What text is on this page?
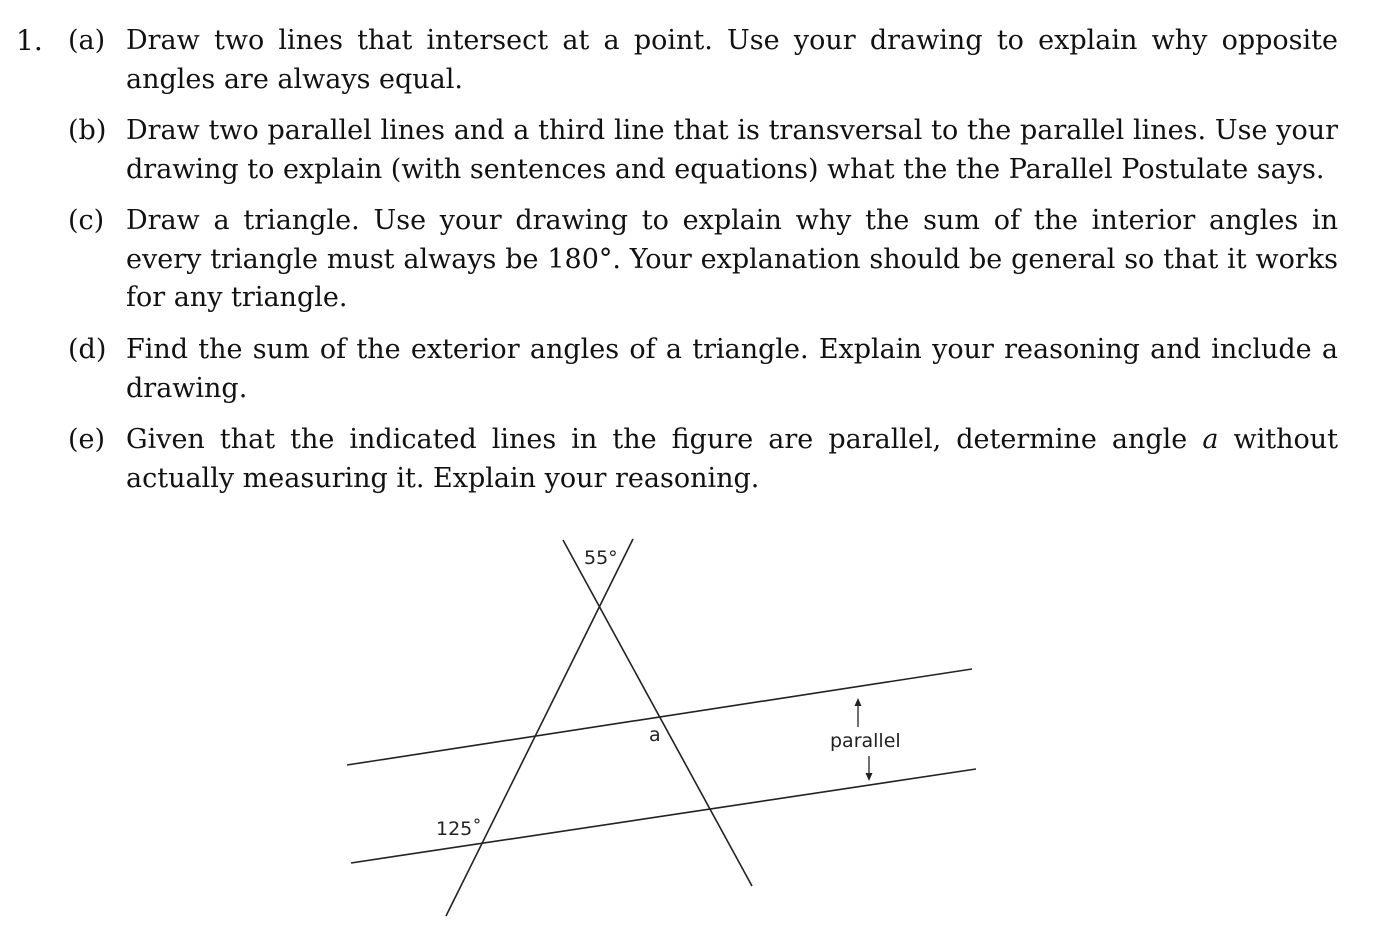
1. (a) Draw two lines that intersect at a point. Use your drawing to explain why opposite angles are always equal.
(b) Draw two parallel lines and a third line that is transversal to the parallel lines. Use your drawing to explain (with sentences and equations) what the the Parallel Postulate says.
(c) Draw a triangle. Use your drawing to explain why the sum of the interior angles in every triangle must always be 180°. Your explanation should be general so that it works for any triangle.
(d) Find the sum of the exterior angles of a triangle. Explain your reasoning and include a drawing.
(e) Given that the indicated lines in the figure are parallel, determine angle a without actually measuring it. Explain your reasoning.
55°
a	parallel
125˚
